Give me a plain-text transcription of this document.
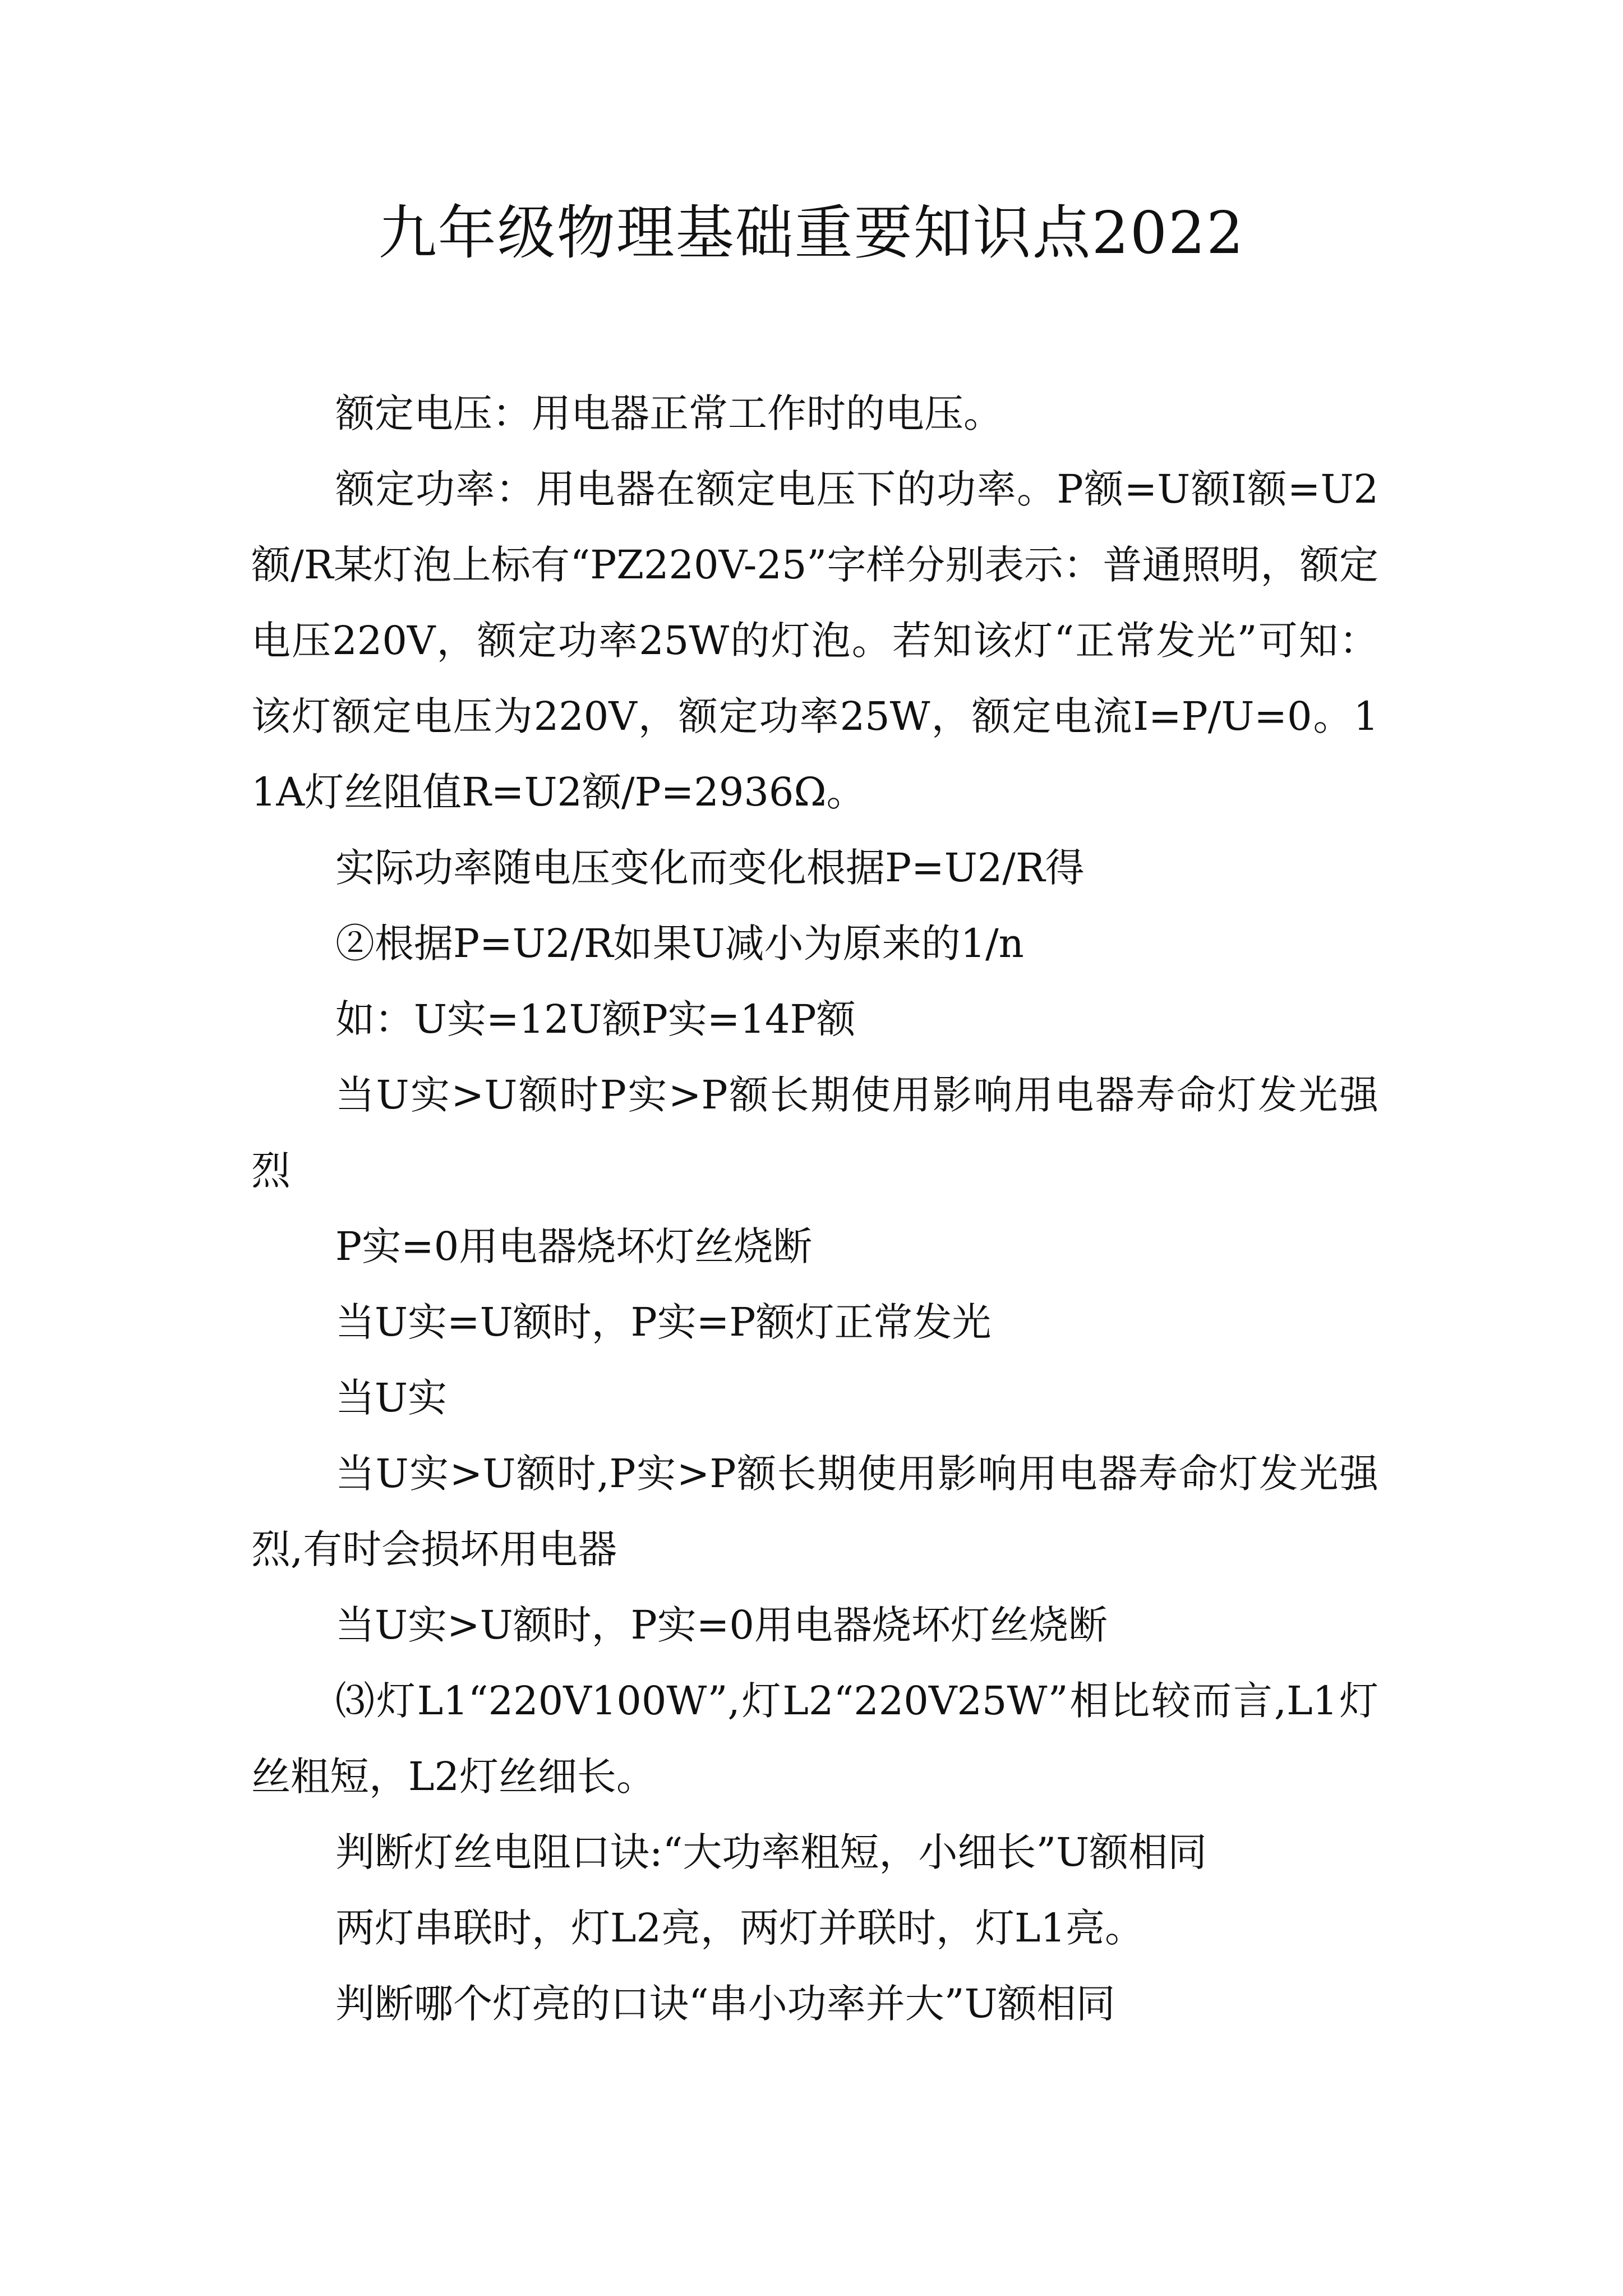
九年级物理基础重要知识点2022

额定电压：用电器正常工作时的电压。

额定功率：用电器在额定电压下的功率。P额=U额I额=U2额/R某灯泡上标有“PZ220V-25”字样分别表示：普通照明，额定电压220V，额定功率25W的灯泡。若知该灯“正常发光”可知：该灯额定电压为220V，额定功率25W，额定电流I=P/U=0。11A灯丝阻值R=U2额/P=2936Ω。

实际功率随电压变化而变化根据P=U2/R得

②根据P=U2/R如果U减小为原来的1/n

如：U实=12U额P实=14P额

当U实>U额时P实>P额长期使用影响用电器寿命灯发光强烈

P实=0用电器烧坏灯丝烧断

当U实=U额时，P实=P额灯正常发光

当U实

当U实>U额时,P实>P额长期使用影响用电器寿命灯发光强烈,有时会损坏用电器

当U实>U额时，P实=0用电器烧坏灯丝烧断

⑶灯L1“220V100W”,灯L2“220V25W”相比较而言,L1灯丝粗短，L2灯丝细长。

判断灯丝电阻口诀:“大功率粗短，小细长”U额相同

两灯串联时，灯L2亮，两灯并联时，灯L1亮。

判断哪个灯亮的口诀“串小功率并大”U额相同
